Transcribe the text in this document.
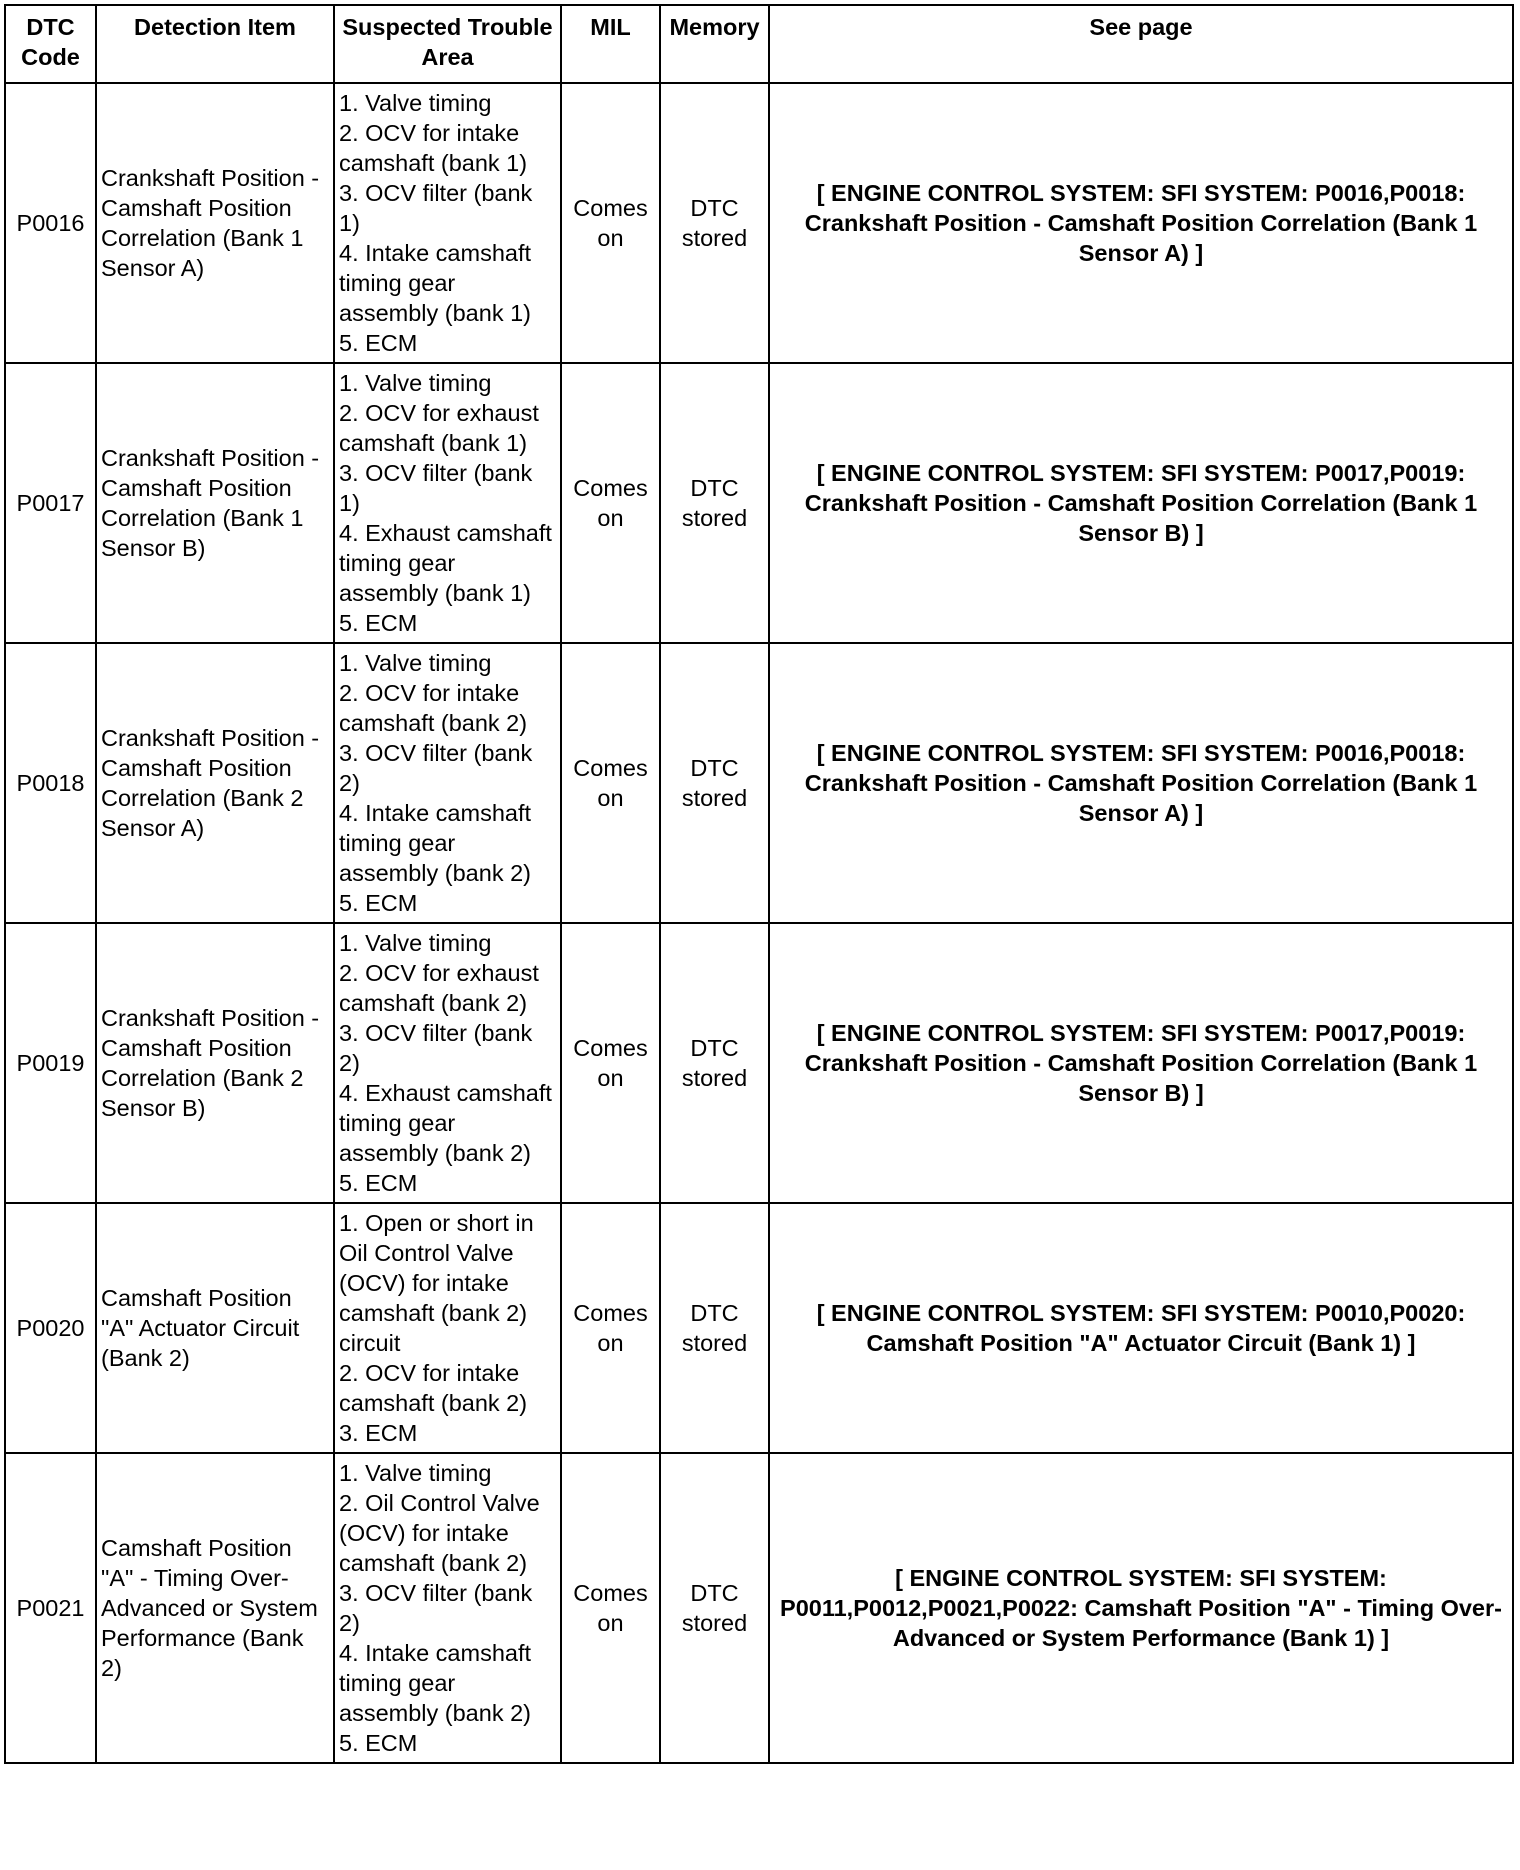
DTC Code	Detection Item	Suspected Trouble Area	MIL	Memory	See page
P0016	Crankshaft Position - Camshaft Position Correlation (Bank 1 Sensor A)	1. Valve timing
2. OCV for intake camshaft (bank 1)
3. OCV filter (bank 1)
4. Intake camshaft timing gear assembly (bank 1)
5. ECM	Comes on	DTC stored	[ ENGINE CONTROL SYSTEM: SFI SYSTEM: P0016,P0018: Crankshaft Position - Camshaft Position Correlation (Bank 1 Sensor A) ]
P0017	Crankshaft Position - Camshaft Position Correlation (Bank 1 Sensor B)	1. Valve timing
2. OCV for exhaust camshaft (bank 1)
3. OCV filter (bank 1)
4. Exhaust camshaft timing gear assembly (bank 1)
5. ECM	Comes on	DTC stored	[ ENGINE CONTROL SYSTEM: SFI SYSTEM: P0017,P0019: Crankshaft Position - Camshaft Position Correlation (Bank 1 Sensor B) ]
P0018	Crankshaft Position - Camshaft Position Correlation (Bank 2 Sensor A)	1. Valve timing
2. OCV for intake camshaft (bank 2)
3. OCV filter (bank 2)
4. Intake camshaft timing gear assembly (bank 2)
5. ECM	Comes on	DTC stored	[ ENGINE CONTROL SYSTEM: SFI SYSTEM: P0016,P0018: Crankshaft Position - Camshaft Position Correlation (Bank 1 Sensor A) ]
P0019	Crankshaft Position - Camshaft Position Correlation (Bank 2 Sensor B)	1. Valve timing
2. OCV for exhaust camshaft (bank 2)
3. OCV filter (bank 2)
4. Exhaust camshaft timing gear assembly (bank 2)
5. ECM	Comes on	DTC stored	[ ENGINE CONTROL SYSTEM: SFI SYSTEM: P0017,P0019: Crankshaft Position - Camshaft Position Correlation (Bank 1 Sensor B) ]
P0020	Camshaft Position "A" Actuator Circuit (Bank 2)	1. Open or short in Oil Control Valve (OCV) for intake camshaft (bank 2) circuit
2. OCV for intake camshaft (bank 2)
3. ECM	Comes on	DTC stored	[ ENGINE CONTROL SYSTEM: SFI SYSTEM: P0010,P0020: Camshaft Position "A" Actuator Circuit (Bank 1) ]
P0021	Camshaft Position "A" - Timing Over-Advanced or System Performance (Bank 2)	1. Valve timing
2. Oil Control Valve (OCV) for intake camshaft (bank 2)
3. OCV filter (bank 2)
4. Intake camshaft timing gear assembly (bank 2)
5. ECM	Comes on	DTC stored	[ ENGINE CONTROL SYSTEM: SFI SYSTEM: P0011,P0012,P0021,P0022: Camshaft Position "A" - Timing Over-Advanced or System Performance (Bank 1) ]
